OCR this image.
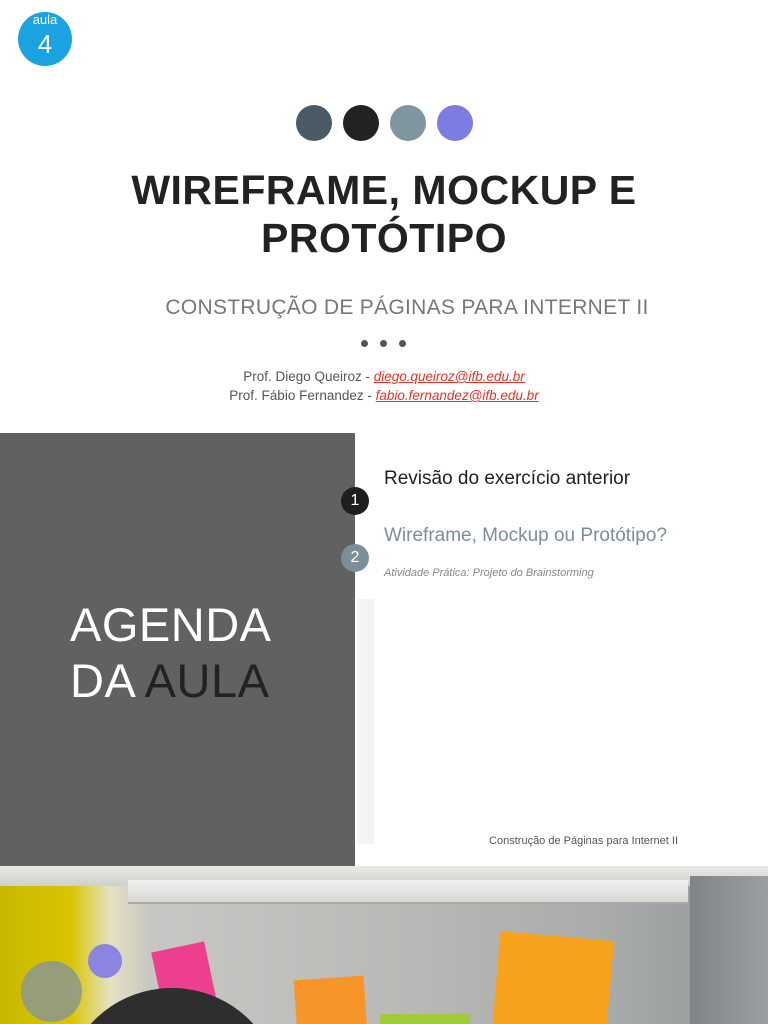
aula
4
WIREFRAME, MOCKUP E
PROTÓTIPO
CONSTRUÇÃO DE PÁGINAS PARA INTERNET II
Prof. Diego Queiroz - diego.queiroz@ifb.edu.br
Prof. Fábio Fernandez - fabio.fernandez@ifb.edu.br
AGENDA
DA AULA
1
Revisão do exercício anterior
2
Wireframe, Mockup ou Protótipo?
Atividade Prática: Projeto do Brainstorming
Construção de Páginas para Internet II
